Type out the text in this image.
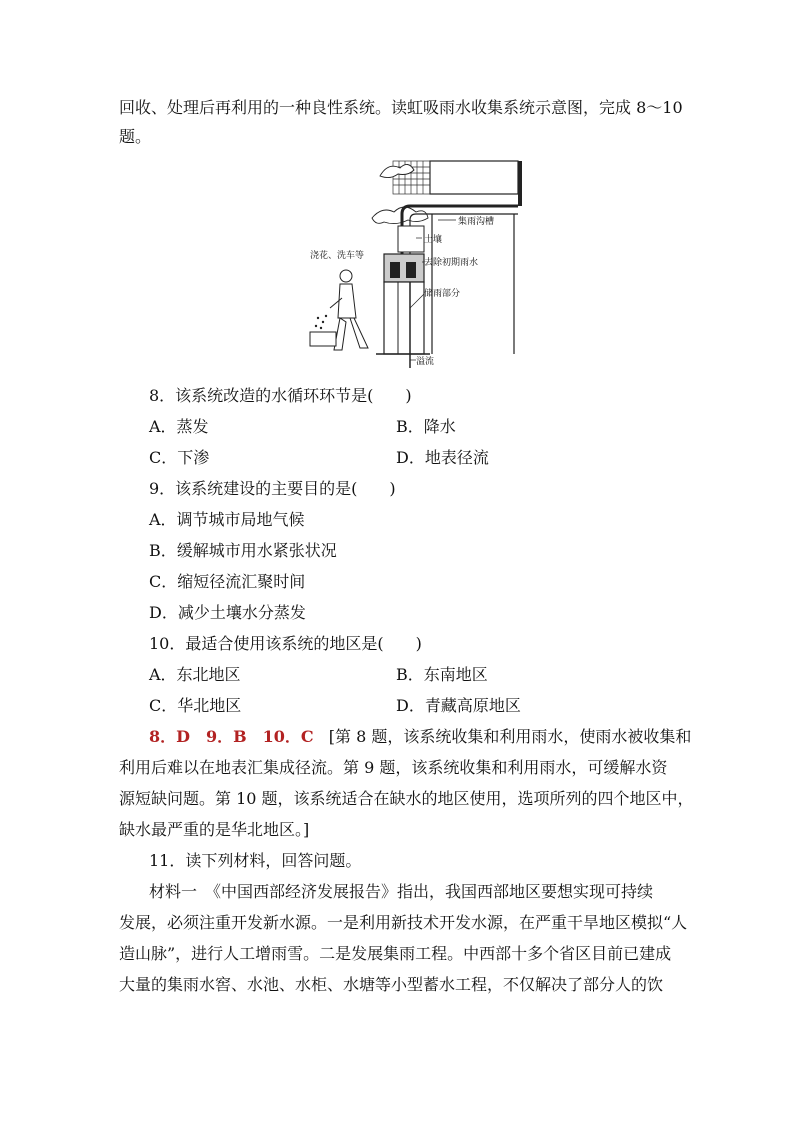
回收、处理后再利用的一种良性系统。读虹吸雨水收集系统示意图，完成 8～10
题。
集雨沟槽
土壤
去除初期雨水
储雨部分
溢流
浇花、洗车等
8．该系统改造的水循环环节是(　　)
A．蒸发	B．降水
C．下渗	D．地表径流
9．该系统建设的主要目的是(　　)
A．调节城市局地气候
B．缓解城市用水紧张状况
C．缩短径流汇聚时间
D．减少土壤水分蒸发
10．最适合使用该系统的地区是(　　)
A．东北地区	B．东南地区
C．华北地区	D．青藏高原地区
8．D　9．B　10．C [第 8 题，该系统收集和利用雨水，使雨水被收集和
利用后难以在地表汇集成径流。第 9 题，该系统收集和利用雨水，可缓解水资
源短缺问题。第 10 题，该系统适合在缺水的地区使用，选项所列的四个地区中，
缺水最严重的是华北地区。]
11．读下列材料，回答问题。
材料一　《中国西部经济发展报告》指出，我国西部地区要想实现可持续
发展，必须注重开发新水源。一是利用新技术开发水源，在严重干旱地区模拟“人
造山脉”，进行人工增雨雪。二是发展集雨工程。中西部十多个省区目前已建成
大量的集雨水窖、水池、水柜、水塘等小型蓄水工程，不仅解决了部分人的饮
